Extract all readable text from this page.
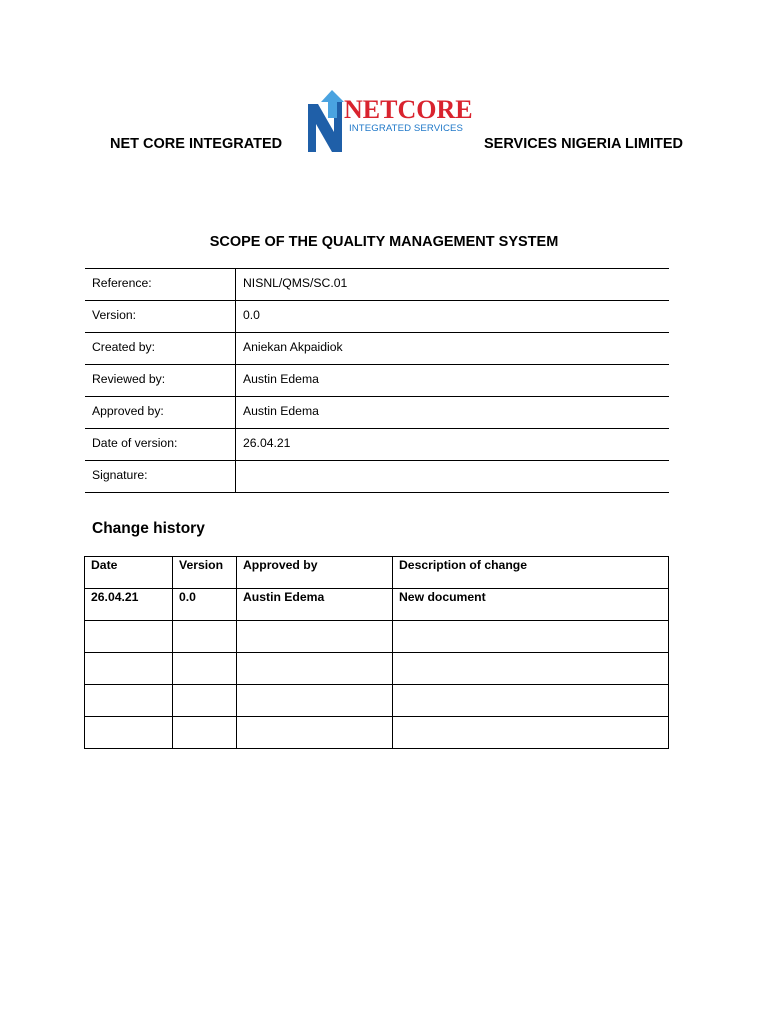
NET CORE INTEGRATED
NETCORE
INTEGRATED SERVICES
SERVICES NIGERIA LIMITED
SCOPE OF THE QUALITY MANAGEMENT SYSTEM
Reference:	NISNL/QMS/SC.01
Version:	0.0
Created by:	Aniekan Akpaidiok
Reviewed by:	Austin Edema
Approved by:	Austin Edema
Date of version:	26.04.21
Signature:	
Change history
Date	Version	Approved by	Description of change
26.04.21	0.0	Austin Edema	New document
